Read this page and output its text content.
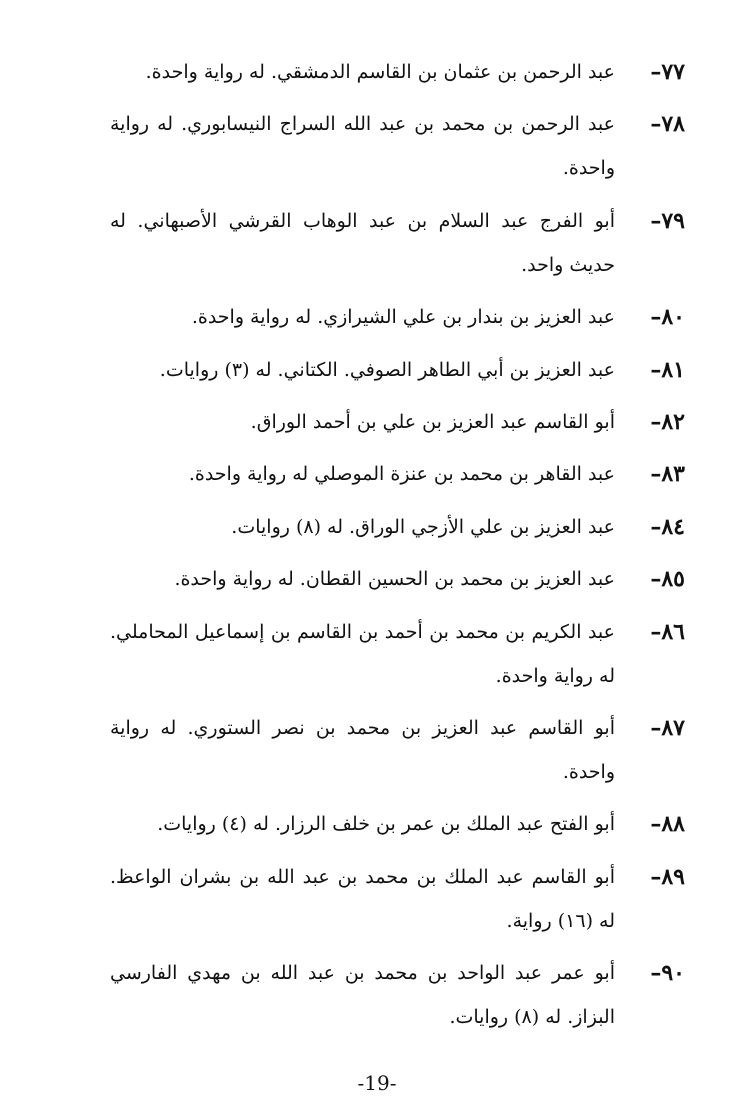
٧٧–
عبد الرحمن بن عثمان بن القاسم الدمشقي. له رواية واحدة.
٧٨–
عبد الرحمن بن محمد بن عبد الله السراج النيسابوري. له رواية واحدة.
٧٩–
أبو الفرج عبد السلام بن عبد الوهاب القرشي الأصبهاني. له حديث واحد.
٨٠–
عبد العزيز بن بندار بن علي الشيرازي. له رواية واحدة.
٨١–
عبد العزيز بن أبي الطاهر الصوفي. الكتاني. له (٣) روايات.
٨٢–
أبو القاسم عبد العزيز بن علي بن أحمد الوراق.
٨٣–
عبد القاهر بن محمد بن عنزة الموصلي له رواية واحدة.
٨٤–
عبد العزيز بن علي الأزجي الوراق. له (٨) روايات.
٨٥–
عبد العزيز بن محمد بن الحسين القطان. له رواية واحدة.
٨٦–
عبد الكريم بن محمد بن أحمد بن القاسم بن إسماعيل المحاملي. له رواية واحدة.
٨٧–
أبو القاسم عبد العزيز بن محمد بن نصر الستوري. له رواية واحدة.
٨٨–
أبو الفتح عبد الملك بن عمر بن خلف الرزار. له (٤) روايات.
٨٩–
أبو القاسم عبد الملك بن محمد بن عبد الله بن بشران الواعظ. له (١٦) رواية.
٩٠–
أبو عمر عبد الواحد بن محمد بن عبد الله بن مهدي الفارسي البزاز. له (٨) روايات.
-19-
